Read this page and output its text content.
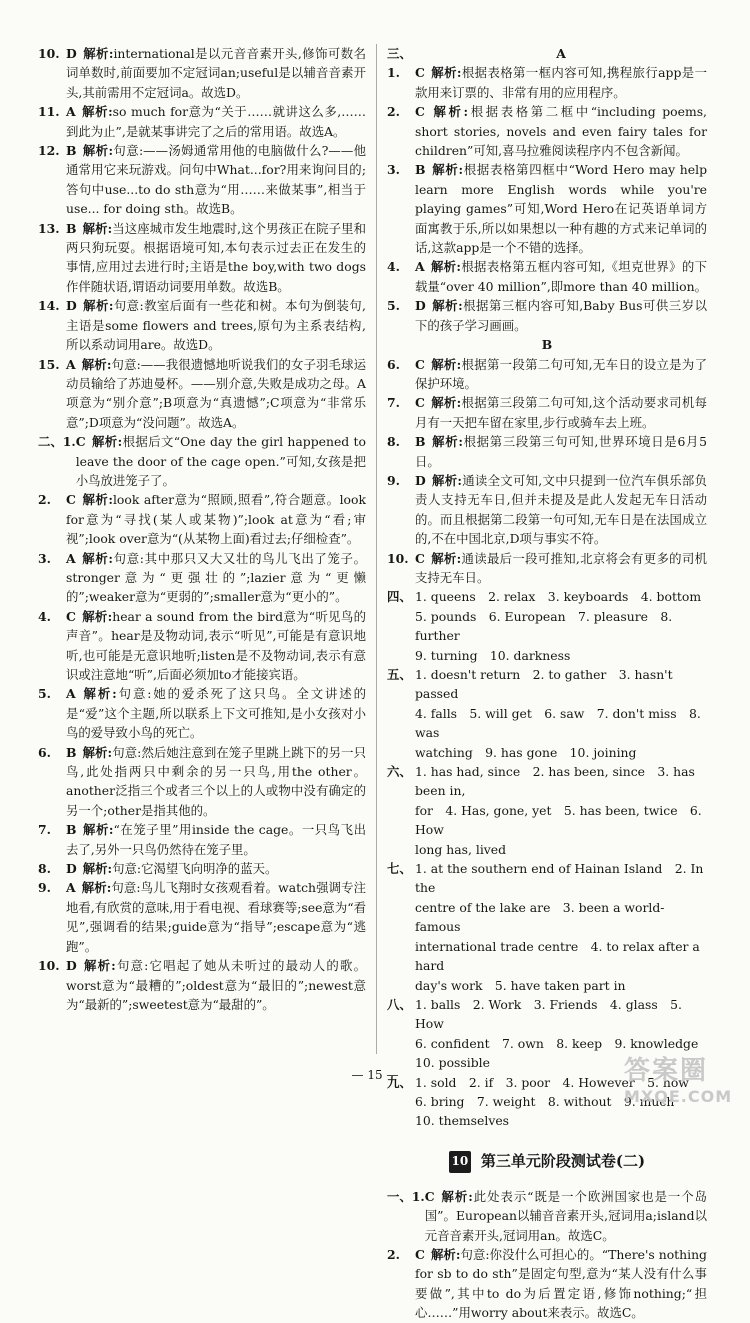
10. D 解析:international是以元音音素开头,修饰可数名词单数时,前面要加不定冠词an;useful是以辅音音素开头,其前需用不定冠词a。故选D。
11. A 解析:so much for意为“关于……就讲这么多,……到此为止”,是就某事讲完了之后的常用语。故选A。
12. B 解析:句意:——汤姆通常用他的电脑做什么?——他通常用它来玩游戏。问句中What...for?用来询问目的;答句中use...to do sth意为“用……来做某事”,相当于use... for doing sth。故选B。
13. B 解析:当这座城市发生地震时,这个男孩正在院子里和两只狗玩耍。根据语境可知,本句表示过去正在发生的事情,应用过去进行时;主语是the boy,with two dogs作伴随状语,谓语动词要用单数。故选B。
14. D 解析:句意:教室后面有一些花和树。本句为倒装句,主语是some flowers and trees,原句为主系表结构,所以系动词用are。故选D。
15. A 解析:句意:——我很遗憾地听说我们的女子羽毛球运动员输给了苏迪曼杯。——别介意,失败是成功之母。A项意为“别介意”;B项意为“真遗憾”;C项意为“非常乐意”;D项意为“没问题”。故选A。
二、1. C 解析:根据后文“One day the girl happened to leave the door of the cage open.”可知,女孩是把小鸟放进笼子了。
2.	C 解析:look after意为“照顾,照看”,符合题意。look for意为“寻找(某人或某物)”;look at意为“看;审视”;look over意为“(从某物上面)看过去;仔细检查”。
3.	A 解析:句意:其中那只又大又壮的鸟儿飞出了笼子。stronger意为“更强壮的”;lazier意为“更懒的”;weaker意为“更弱的”;smaller意为“更小的”。
4.	C 解析:hear a sound from the bird意为“听见鸟的声音”。hear是及物动词,表示“听见”,可能是有意识地听,也可能是无意识地听;listen是不及物动词,表示有意识或注意地“听”,后面必须加to才能接宾语。
5.	A 解析:句意:她的爱杀死了这只鸟。全文讲述的是“爱”这个主题,所以联系上下文可推知,是小女孩对小鸟的爱导致小鸟的死亡。
6.	B 解析:句意:然后她注意到在笼子里跳上跳下的另一只鸟,此处指两只中剩余的另一只鸟,用the other。another泛指三个或者三个以上的人或物中没有确定的另一个;other是指其他的。
7.	B 解析:“在笼子里”用inside the cage。一只鸟飞出去了,另外一只鸟仍然待在笼子里。
8.	D 解析:句意:它渴望飞向明净的蓝天。
9.	A 解析:句意:鸟儿飞翔时女孩观看着。watch强调专注地看,有欣赏的意味,用于看电视、看球赛等;see意为“看见”,强调看的结果;guide意为“指导”;escape意为“逃跑”。
10. D 解析:句意:它唱起了她从未听过的最动人的歌。worst意为“最糟的”;oldest意为“最旧的”;newest意为“最新的”;sweetest意为“最甜的”。
三、	A
1.	C 解析:根据表格第一框内容可知,携程旅行app是一款用来订票的、非常有用的应用程序。
2.	C 解析:根据表格第二框中“including poems, short stories, novels and even fairy tales for children”可知,喜马拉雅阅读程序内不包含新闻。
3.	B 解析:根据表格第四框中“Word Hero may help learn more English words while you're playing games”可知,Word Hero在记英语单词方面寓教于乐,所以如果想以一种有趣的方式来记单词的话,这款app是一个不错的选择。
4.	A 解析:根据表格第五框内容可知,《坦克世界》的下载量“over 40 million”,即more than 40 million。
5.	D 解析:根据第三框内容可知,Baby Bus可供三岁以下的孩子学习画画。
B
6.	C 解析:根据第一段第二句可知,无车日的设立是为了保护环境。
7.	C 解析:根据第三段第二句可知,这个活动要求司机每月有一天把车留在家里,步行或骑车去上班。
8.	B 解析:根据第三段第三句可知,世界环境日是6月5日。
9.	D 解析:通读全文可知,文中只提到一位汽车俱乐部负责人支持无车日,但并未提及是此人发起无车日活动的。而且根据第二段第一句可知,无车日是在法国成立的,不在中国北京,D项与事实不符。
10. C 解析:通读最后一段可推知,北京将会有更多的司机支持无车日。
四、 1. queens　2. relax　3. keyboards　4. bottom
5. pounds　6. European　7. pleasure　8. further
9. turning　10. darkness
五、 1. doesn't return　2. to gather　3. hasn't passed
4. falls　5. will get　6. saw　7. don't miss　8. was
watching　9. has gone　10. joining
六、 1. has had, since　2. has been, since　3. has been in,
for　4. Has, gone, yet　5. has been, twice　6. How
long has, lived
七、 1. at the southern end of Hainan Island　2. In the
centre of the lake are　3. been a world-famous
international trade centre　4. to relax after a hard
day's work　5. have taken part in
八、 1. balls　2. Work　3. Friends　4. glass　5. How
6. confident　7. own　8. keep　9. knowledge
10. possible
九、 1. sold　2. if　3. poor　4. However　5. how
6. bring　7. weight　8. without　9. much
10. themselves
10 第三单元阶段测试卷(二)
一、1. C 解析:此处表示“既是一个欧洲国家也是一个岛国”。European以辅音音素开头,冠词用a;island以元音音素开头,冠词用an。故选C。
2.	C 解析:句意:你没什么可担心的。“There's nothing for sb to do sth”是固定句型,意为“某人没有什么事要做”,其中to do为后置定语,修饰nothing;“担心……”用worry about来表示。故选C。
— 15 —	答案圈
MXQE.COM
